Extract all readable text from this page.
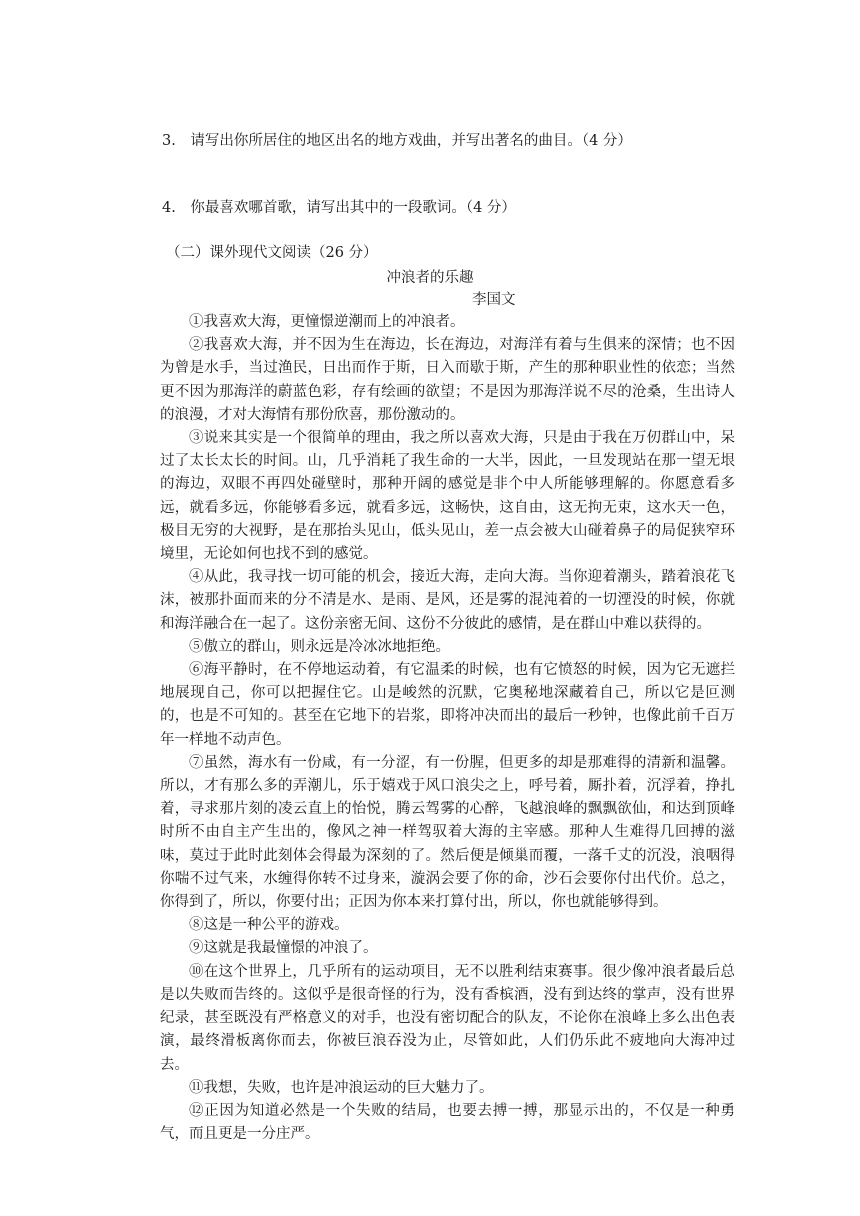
3.　请写出你所居住的地区出名的地方戏曲，并写出著名的曲目。（4 分）
4.　你最喜欢哪首歌，请写出其中的一段歌词。（4 分）
（二）课外现代文阅读（26 分）
冲浪者的乐趣
李国文

①我喜欢大海，更憧憬逆潮而上的冲浪者。

②我喜欢大海，并不因为生在海边，长在海边，对海洋有着与生俱来的深情；也不因为曾是水手，当过渔民，日出而作于斯，日入而歇于斯，产生的那种职业性的依恋；当然更不因为那海洋的蔚蓝色彩，存有绘画的欲望；不是因为那海洋说不尽的沧桑，生出诗人的浪漫，才对大海情有那份欣喜，那份激动的。

③说来其实是一个很简单的理由，我之所以喜欢大海，只是由于我在万仞群山中，呆过了太长太长的时间。山，几乎消耗了我生命的一大半，因此，一旦发现站在那一望无垠的海边，双眼不再四处碰壁时，那种开阔的感觉是非个中人所能够理解的。你愿意看多远，就看多远，你能够看多远，就看多远，这畅快，这自由，这无拘无束，这水天一色，极目无穷的大视野，是在那抬头见山，低头见山，差一点会被大山碰着鼻子的局促狭窄环境里，无论如何也找不到的感觉。

④从此，我寻找一切可能的机会，接近大海，走向大海。当你迎着潮头，踏着浪花飞沫，被那扑面而来的分不清是水、是雨、是风，还是雾的混沌着的一切湮没的时候，你就和海洋融合在一起了。这份亲密无间、这份不分彼此的感情，是在群山中难以获得的。

⑤傲立的群山，则永远是冷冰冰地拒绝。

⑥海平静时，在不停地运动着，有它温柔的时候，也有它愤怒的时候，因为它无遮拦地展现自己，你可以把握住它。山是峻然的沉默，它奥秘地深藏着自己，所以它是叵测的，也是不可知的。甚至在它地下的岩浆，即将冲决而出的最后一秒钟，也像此前千百万年一样地不动声色。

⑦虽然，海水有一份咸，有一分涩，有一份腥，但更多的却是那难得的清新和温馨。所以，才有那么多的弄潮儿，乐于嬉戏于风口浪尖之上，呼号着，厮扑着，沉浮着，挣扎着，寻求那片刻的凌云直上的怡悦，腾云驾雾的心醉，飞越浪峰的飘飘欲仙，和达到顶峰时所不由自主产生出的，像风之神一样驾驭着大海的主宰感。那种人生难得几回搏的滋味，莫过于此时此刻体会得最为深刻的了。然后便是倾巢而覆，一落千丈的沉没，浪咽得你喘不过气来，水缠得你转不过身来，漩涡会要了你的命，沙石会要你付出代价。总之，你得到了，所以，你要付出；正因为你本来打算付出，所以，你也就能够得到。

⑧这是一种公平的游戏。

⑨这就是我最憧憬的冲浪了。

⑩在这个世界上，几乎所有的运动项目，无不以胜利结束赛事。很少像冲浪者最后总是以失败而告终的。这似乎是很奇怪的行为，没有香槟酒，没有到达终的掌声，没有世界纪录，甚至既没有严格意义的对手，也没有密切配合的队友，不论你在浪峰上多么出色表演，最终滑板离你而去，你被巨浪吞没为止，尽管如此，人们仍乐此不疲地向大海冲过去。

⑪我想，失败，也许是冲浪运动的巨大魅力了。

⑫正因为知道必然是一个失败的结局，也要去搏一搏，那显示出的，不仅是一种勇气，而且更是一分庄严。
